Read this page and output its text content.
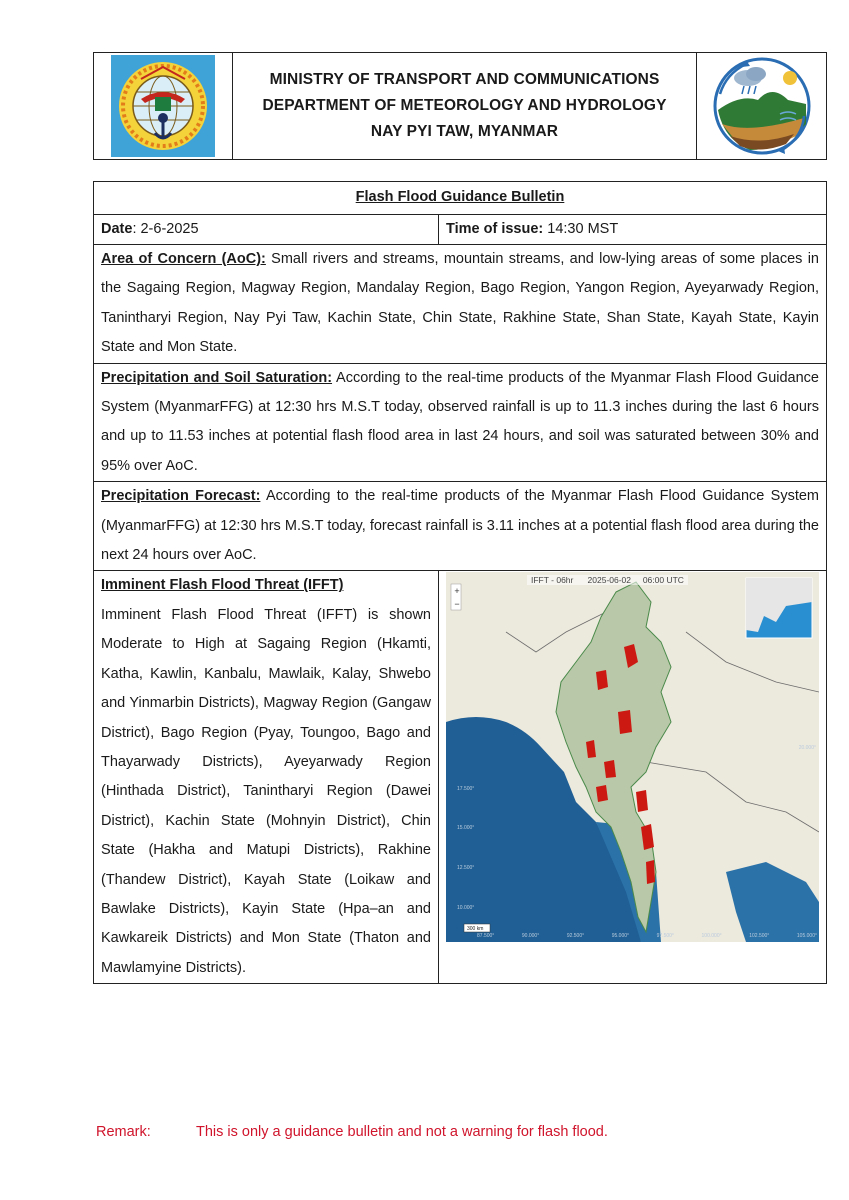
MINISTRY OF TRANSPORT AND COMMUNICATIONS
DEPARTMENT OF METEOROLOGY AND HYDROLOGY
NAY PYI TAW, MYANMAR
Flash Flood Guidance Bulletin	
Date: 2-6-2025	Time of issue: 14:30 MST
Area of Concern (AoC): Small rivers and streams, mountain streams, and low-lying areas of some places in the Sagaing Region, Magway Region, Mandalay Region, Bago Region, Yangon Region, Ayeyarwady Region, Tanintharyi Region, Nay Pyi Taw, Kachin State, Chin State, Rakhine State, Shan State, Kayah State, Kayin State and Mon State.	
Precipitation and Soil Saturation: According to the real-time products of the Myanmar Flash Flood Guidance System (MyanmarFFG) at 12:30 hrs M.S.T today, observed rainfall is up to 11.3 inches during the last 6 hours and up to 11.53 inches at potential flash flood area in last 24 hours, and soil was saturated between 30% and 95% over AoC.	
Precipitation Forecast: According to the real-time products of the Myanmar Flash Flood Guidance System (MyanmarFFG) at 12:30 hrs M.S.T today, forecast rainfall is 3.11 inches at a potential flash flood area during the next 24 hours over AoC.	

Imminent Flash Flood Threat (IFFT)
Imminent Flash Flood Threat (IFFT) is shown Moderate to High at Sagaing Region (Hkamti, Katha, Kawlin, Kanbalu, Mawlaik, Kalay, Shwebo and Yinmarbin Districts), Magway Region (Gangaw District), Bago Region (Pyay, Toungoo, Bago and Thayarwady Districts), Ayeyarwady Region (Hinthada District), Tanintharyi Region (Dawei District), Kachin State (Mohnyin District), Chin State (Hakha and Matupi Districts), Rakhine (Thandew District), Kayah State (Loikaw and Bawlake Districts), Kayin State (Hpa–an and Kawkareik Districts) and Mon State (Thaton and Mawlamyine Districts).

Remark:	This is only a guidance bulletin and not a warning for flash flood.
IFFT - 06hr 2025-06-02 06:00 UTC
+
−
20.000°
17.500°
15.000°
12.500°
10.000°
87.500°	90.000°	92.500°	95.000°	97.500°	100.000°	102.500°	105.000°
300 km
